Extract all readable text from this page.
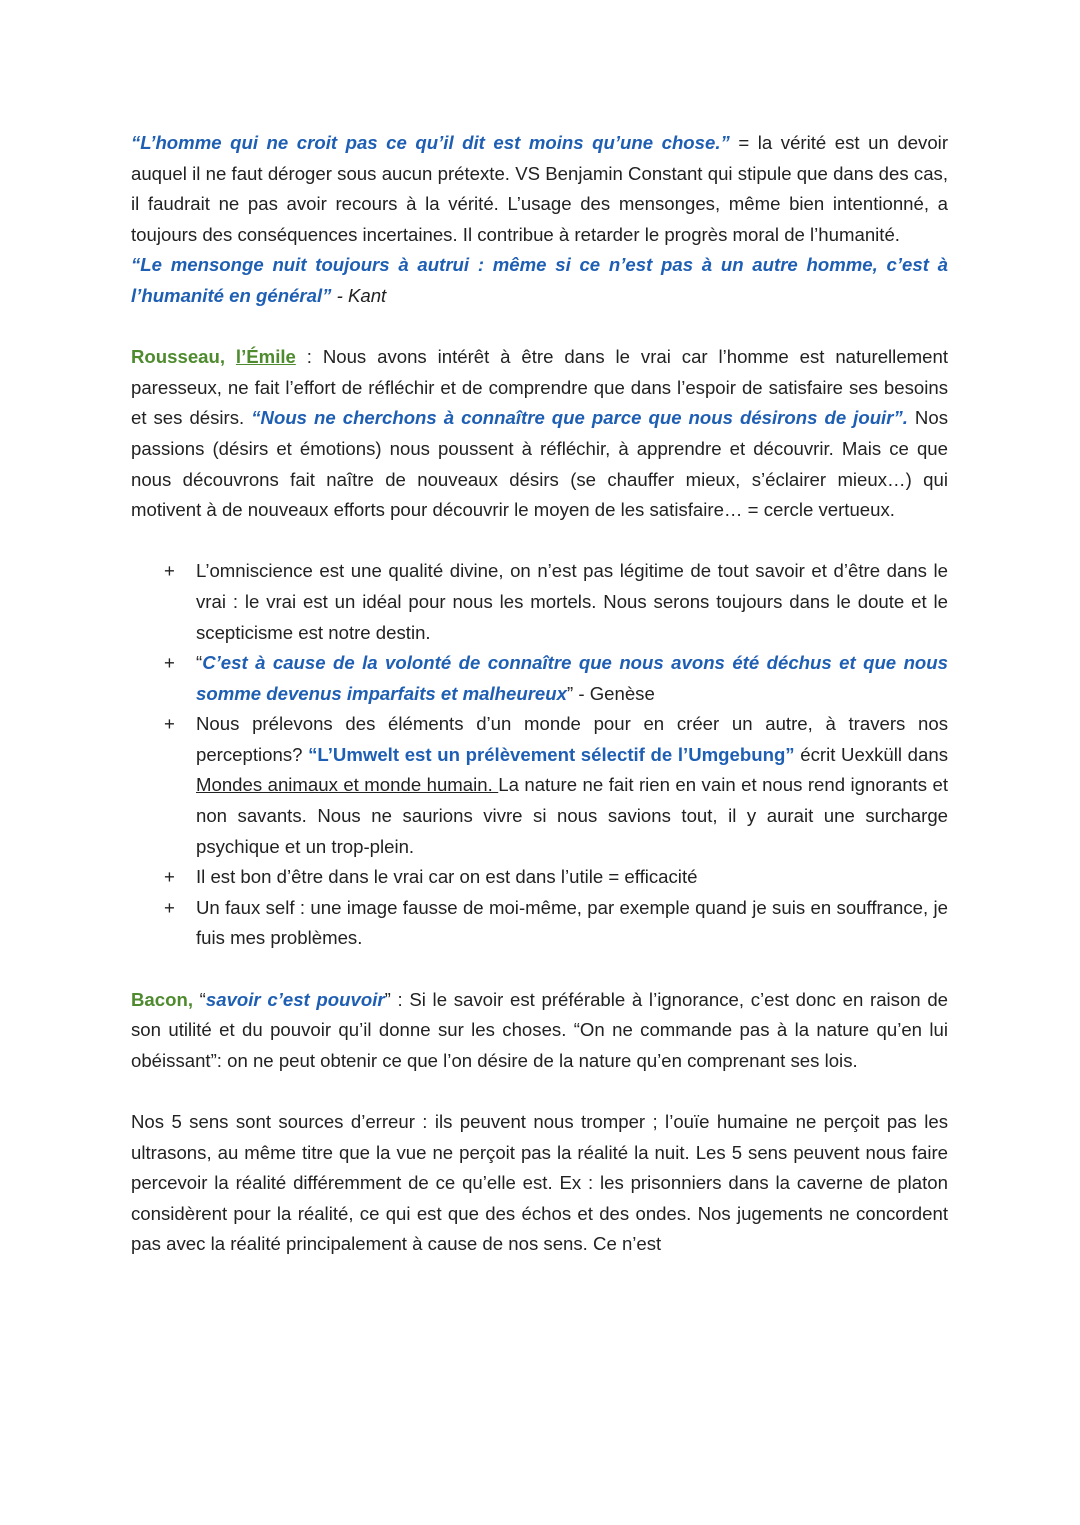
“L’homme qui ne croit pas ce qu’il dit est moins qu’une chose.” = la vérité est un devoir auquel il ne faut déroger sous aucun prétexte. VS Benjamin Constant qui stipule que dans des cas, il faudrait ne pas avoir recours à la vérité. L’usage des mensonges, même bien intentionné, a toujours des conséquences incertaines. Il contribue à retarder le progrès moral de l’humanité.

“Le mensonge nuit toujours à autrui : même si ce n’est pas à un autre homme, c’est à l’humanité en général” - Kant

Rousseau, l’Émile : Nous avons intérêt à être dans le vrai car l’homme est naturellement paresseux, ne fait l’effort de réfléchir et de comprendre que dans l’espoir de satisfaire ses besoins et ses désirs. “Nous ne cherchons à connaître que parce que nous désirons de jouir”. Nos passions (désirs et émotions) nous poussent à réfléchir, à apprendre et découvrir. Mais ce que nous découvrons fait naître de nouveaux désirs (se chauffer mieux, s’éclairer mieux…) qui motivent à de nouveaux efforts pour découvrir le moyen de les satisfaire… = cercle vertueux.

+ L’omniscience est une qualité divine, on n’est pas légitime de tout savoir et d’être dans le vrai : le vrai est un idéal pour nous les mortels. Nous serons toujours dans le doute et le scepticisme est notre destin.
+ “C’est à cause de la volonté de connaître que nous avons été déchus et que nous somme devenus imparfaits et malheureux” - Genèse
+ Nous prélevons des éléments d’un monde pour en créer un autre, à travers nos perceptions? “L’Umwelt est un prélèvement sélectif de l’Umgebung” écrit Uexküll dans Mondes animaux et monde humain. La nature ne fait rien en vain et nous rend ignorants et non savants. Nous ne saurions vivre si nous savions tout, il y aurait une surcharge psychique et un trop-plein.
+ Il est bon d’être dans le vrai car on est dans l’utile = efficacité
+ Un faux self : une image fausse de moi-même, par exemple quand je suis en souffrance, je fuis mes problèmes.

Bacon, “savoir c’est pouvoir” : Si le savoir est préférable à l’ignorance, c’est donc en raison de son utilité et du pouvoir qu’il donne sur les choses. “On ne commande pas à la nature qu’en lui obéissant”: on ne peut obtenir ce que l’on désire de la nature qu’en comprenant ses lois.

Nos 5 sens sont sources d’erreur : ils peuvent nous tromper ; l’ouïe humaine ne perçoit pas les ultrasons, au même titre que la vue ne perçoit pas la réalité la nuit. Les 5 sens peuvent nous faire percevoir la réalité différemment de ce qu’elle est. Ex : les prisonniers dans la caverne de platon considèrent pour la réalité, ce qui est que des échos et des ondes. Nos jugements ne concordent pas avec la réalité principalement à cause de nos sens. Ce n’est
